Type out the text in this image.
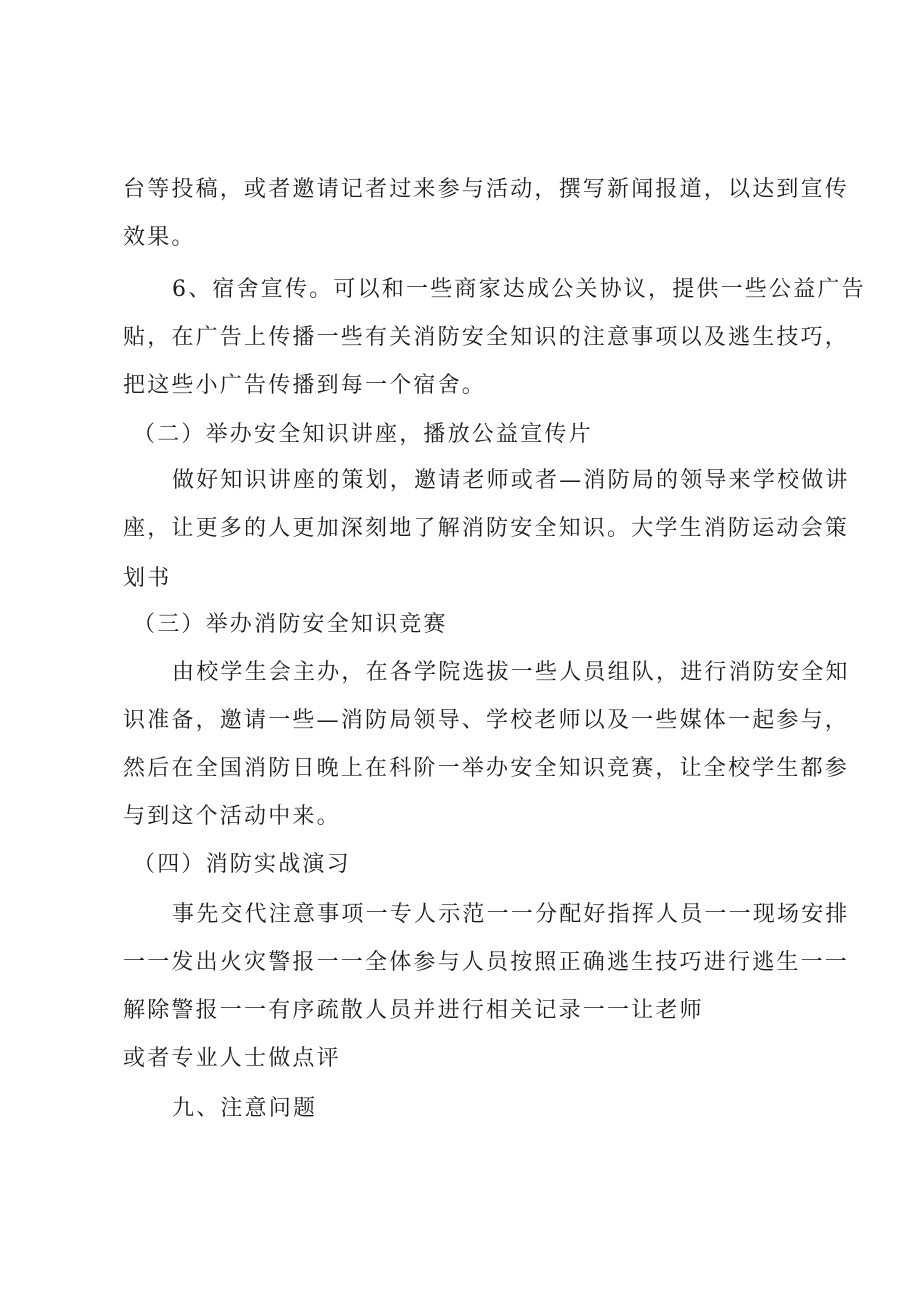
台等投稿，或者邀请记者过来参与活动，撰写新闻报道，以达到宣传
效果。
6、宿舍宣传。可以和一些商家达成公关协议，提供一些公益广告
贴，在广告上传播一些有关消防安全知识的注意事项以及逃生技巧，
把这些小广告传播到每一个宿舍。
（二）举办安全知识讲座，播放公益宣传片
做好知识讲座的策划，邀请老师或者—消防局的领导来学校做讲
座，让更多的人更加深刻地了解消防安全知识。大学生消防运动会策
划书
（三）举办消防安全知识竞赛
由校学生会主办，在各学院选拔一些人员组队，进行消防安全知
识准备，邀请一些—消防局领导、学校老师以及一些媒体一起参与，
然后在全国消防日晚上在科阶一举办安全知识竞赛，让全校学生都参
与到这个活动中来。
（四）消防实战演习
事先交代注意事项一专人示范一一分配好指挥人员一一现场安排
一一发出火灾警报一一全体参与人员按照正确逃生技巧进行逃生一一
解除警报一一有序疏散人员并进行相关记录一一让老师
或者专业人士做点评
九、注意问题
